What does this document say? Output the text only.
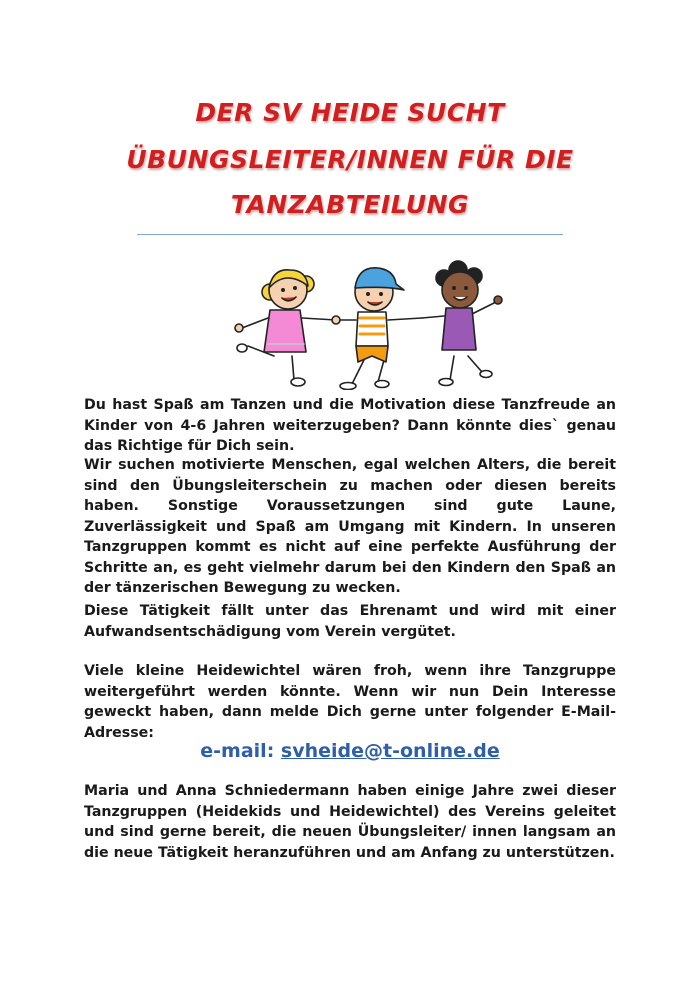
DER SV HEIDE SUCHT
ÜBUNGSLEITER/INNEN FÜR DIE
TANZABTEILUNG

Du hast Spaß am Tanzen und die Motivation diese Tanzfreude an Kinder von 4-6 Jahren weiterzugeben? Dann könnte dies` genau das Richtige für Dich sein.

Wir suchen motivierte Menschen, egal welchen Alters, die bereit sind den Übungsleiterschein zu machen oder diesen bereits haben. Sonstige Voraussetzungen sind gute Laune, Zuverlässigkeit und Spaß am Umgang mit Kindern. In unseren Tanzgruppen kommt es nicht auf eine perfekte Ausführung der Schritte an, es geht vielmehr darum bei den Kindern den Spaß an der tänzerischen Bewegung zu wecken.

Diese Tätigkeit fällt unter das Ehrenamt und wird mit einer Aufwandsentschädigung vom Verein vergütet.

Viele kleine Heidewichtel wären froh, wenn ihre Tanzgruppe weitergeführt werden könnte. Wenn wir nun Dein Interesse geweckt haben, dann melde Dich gerne unter folgender E-Mail- Adresse:

e-mail: svheide@t-online.de

Maria und Anna Schniedermann haben einige Jahre zwei dieser Tanzgruppen (Heidekids und Heidewichtel) des Vereins geleitet und sind gerne bereit, die neuen Übungsleiter/ innen langsam an die neue Tätigkeit heranzuführen und am Anfang zu unterstützen.
